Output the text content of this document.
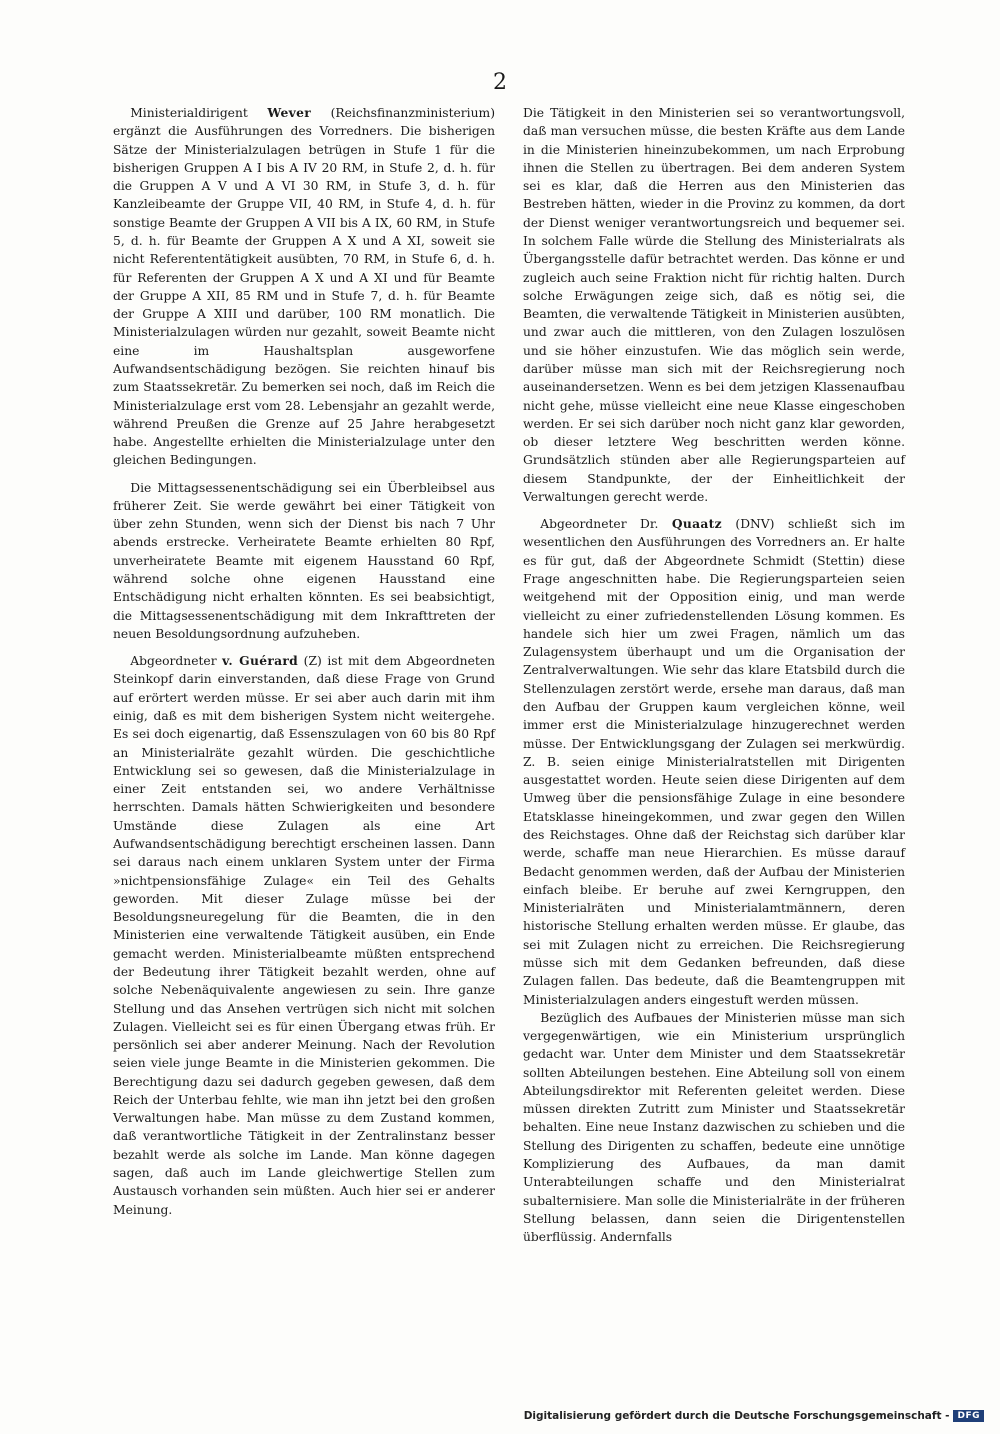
2

Ministerialdirigent Wever (Reichsfinanzministerium) ergänzt die Ausführungen des Vorredners. Die bisherigen Sätze der Ministerialzulagen betrügen in Stufe 1 für die bisherigen Gruppen A I bis A IV 20 RM, in Stufe 2, d. h. für die Gruppen A V und A VI 30 RM, in Stufe 3, d. h. für Kanzleibeamte der Gruppe VII, 40 RM, in Stufe 4, d. h. für sonstige Beamte der Gruppen A VII bis A IX, 60 RM, in Stufe 5, d. h. für Beamte der Gruppen A X und A XI, soweit sie nicht Referententätigkeit ausübten, 70 RM, in Stufe 6, d. h. für Referenten der Gruppen A X und A XI und für Beamte der Gruppe A XII, 85 RM und in Stufe 7, d. h. für Beamte der Gruppe A XIII und darüber, 100 RM monatlich. Die Ministerialzulagen würden nur gezahlt, soweit Beamte nicht eine im Haushaltsplan ausgeworfene Aufwandsentschädigung bezögen. Sie reichten hinauf bis zum Staatssekretär. Zu bemerken sei noch, daß im Reich die Ministerialzulage erst vom 28. Lebensjahr an gezahlt werde, während Preußen die Grenze auf 25 Jahre herabgesetzt habe. Angestellte erhielten die Ministerialzulage unter den gleichen Bedingungen.

Die Mittagsessenentschädigung sei ein Überbleibsel aus früherer Zeit. Sie werde gewährt bei einer Tätigkeit von über zehn Stunden, wenn sich der Dienst bis nach 7 Uhr abends erstrecke. Verheiratete Beamte erhielten 80 Rpf, unverheiratete Beamte mit eigenem Hausstand 60 Rpf, während solche ohne eigenen Hausstand eine Entschädigung nicht erhalten könnten. Es sei beabsichtigt, die Mittagsessenentschädigung mit dem Inkrafttreten der neuen Besoldungsordnung aufzuheben.

Abgeordneter v. Guérard (Z) ist mit dem Abgeordneten Steinkopf darin einverstanden, daß diese Frage von Grund auf erörtert werden müsse. Er sei aber auch darin mit ihm einig, daß es mit dem bisherigen System nicht weitergehe. Es sei doch eigenartig, daß Essenszulagen von 60 bis 80 Rpf an Ministerialräte gezahlt würden. Die geschichtliche Entwicklung sei so gewesen, daß die Ministerialzulage in einer Zeit entstanden sei, wo andere Verhältnisse herrschten. Damals hätten Schwierigkeiten und besondere Umstände diese Zulagen als eine Art Aufwandsentschädigung berechtigt erscheinen lassen. Dann sei daraus nach einem unklaren System unter der Firma »nichtpensionsfähige Zulage« ein Teil des Gehalts geworden. Mit dieser Zulage müsse bei der Besoldungsneuregelung für die Beamten, die in den Ministerien eine verwaltende Tätigkeit ausüben, ein Ende gemacht werden. Ministerialbeamte müßten entsprechend der Bedeutung ihrer Tätigkeit bezahlt werden, ohne auf solche Nebenäquivalente angewiesen zu sein. Ihre ganze Stellung und das Ansehen vertrügen sich nicht mit solchen Zulagen. Vielleicht sei es für einen Übergang etwas früh. Er persönlich sei aber anderer Meinung. Nach der Revolution seien viele junge Beamte in die Ministerien gekommen. Die Berechtigung dazu sei dadurch gegeben gewesen, daß dem Reich der Unterbau fehlte, wie man ihn jetzt bei den großen Verwaltungen habe. Man müsse zu dem Zustand kommen, daß verantwortliche Tätigkeit in der Zentralinstanz besser bezahlt werde als solche im Lande. Man könne dagegen sagen, daß auch im Lande gleichwertige Stellen zum Austausch vorhanden sein müßten. Auch hier sei er anderer Meinung.

Die Tätigkeit in den Ministerien sei so verantwortungsvoll, daß man versuchen müsse, die besten Kräfte aus dem Lande in die Ministerien hineinzubekommen, um nach Erprobung ihnen die Stellen zu übertragen. Bei dem anderen System sei es klar, daß die Herren aus den Ministerien das Bestreben hätten, wieder in die Provinz zu kommen, da dort der Dienst weniger verantwortungsreich und bequemer sei. In solchem Falle würde die Stellung des Ministerialrats als Übergangsstelle dafür betrachtet werden. Das könne er und zugleich auch seine Fraktion nicht für richtig halten. Durch solche Erwägungen zeige sich, daß es nötig sei, die Beamten, die verwaltende Tätigkeit in Ministerien ausübten, und zwar auch die mittleren, von den Zulagen loszulösen und sie höher einzustufen. Wie das möglich sein werde, darüber müsse man sich mit der Reichsregierung noch auseinandersetzen. Wenn es bei dem jetzigen Klassenaufbau nicht gehe, müsse vielleicht eine neue Klasse eingeschoben werden. Er sei sich darüber noch nicht ganz klar geworden, ob dieser letztere Weg beschritten werden könne. Grundsätzlich stünden aber alle Regierungsparteien auf diesem Standpunkte, der der Einheitlichkeit der Verwaltungen gerecht werde.

Abgeordneter Dr. Quaatz (DNV) schließt sich im wesentlichen den Ausführungen des Vorredners an. Er halte es für gut, daß der Abgeordnete Schmidt (Stettin) diese Frage angeschnitten habe. Die Regierungsparteien seien weitgehend mit der Opposition einig, und man werde vielleicht zu einer zufriedenstellenden Lösung kommen. Es handele sich hier um zwei Fragen, nämlich um das Zulagensystem überhaupt und um die Organisation der Zentralverwaltungen. Wie sehr das klare Etatsbild durch die Stellenzulagen zerstört werde, ersehe man daraus, daß man den Aufbau der Gruppen kaum vergleichen könne, weil immer erst die Ministerialzulage hinzugerechnet werden müsse. Der Entwicklungsgang der Zulagen sei merkwürdig. Z. B. seien einige Ministerialratstellen mit Dirigenten ausgestattet worden. Heute seien diese Dirigenten auf dem Umweg über die pensionsfähige Zulage in eine besondere Etatsklasse hineingekommen, und zwar gegen den Willen des Reichstages. Ohne daß der Reichstag sich darüber klar werde, schaffe man neue Hierarchien. Es müsse darauf Bedacht genommen werden, daß der Aufbau der Ministerien einfach bleibe. Er beruhe auf zwei Kerngruppen, den Ministerialräten und Ministerialamtmännern, deren historische Stellung erhalten werden müsse. Er glaube, das sei mit Zulagen nicht zu erreichen. Die Reichsregierung müsse sich mit dem Gedanken befreunden, daß diese Zulagen fallen. Das bedeute, daß die Beamtengruppen mit Ministerialzulagen anders eingestuft werden müssen.

Bezüglich des Aufbaues der Ministerien müsse man sich vergegenwärtigen, wie ein Ministerium ursprünglich gedacht war. Unter dem Minister und dem Staatssekretär sollten Abteilungen bestehen. Eine Abteilung soll von einem Abteilungsdirektor mit Referenten geleitet werden. Diese müssen direkten Zutritt zum Minister und Staatssekretär behalten. Eine neue Instanz dazwischen zu schieben und die Stellung des Dirigenten zu schaffen, bedeute eine unnötige Komplizierung des Aufbaues, da man damit Unterabteilungen schaffe und den Ministerialrat subalternisiere. Man solle die Ministerialräte in der früheren Stellung belassen, dann seien die Dirigentenstellen überflüssig. Andernfalls

Digitalisierung gefördert durch die Deutsche Forschungsgemeinschaft - DFG
